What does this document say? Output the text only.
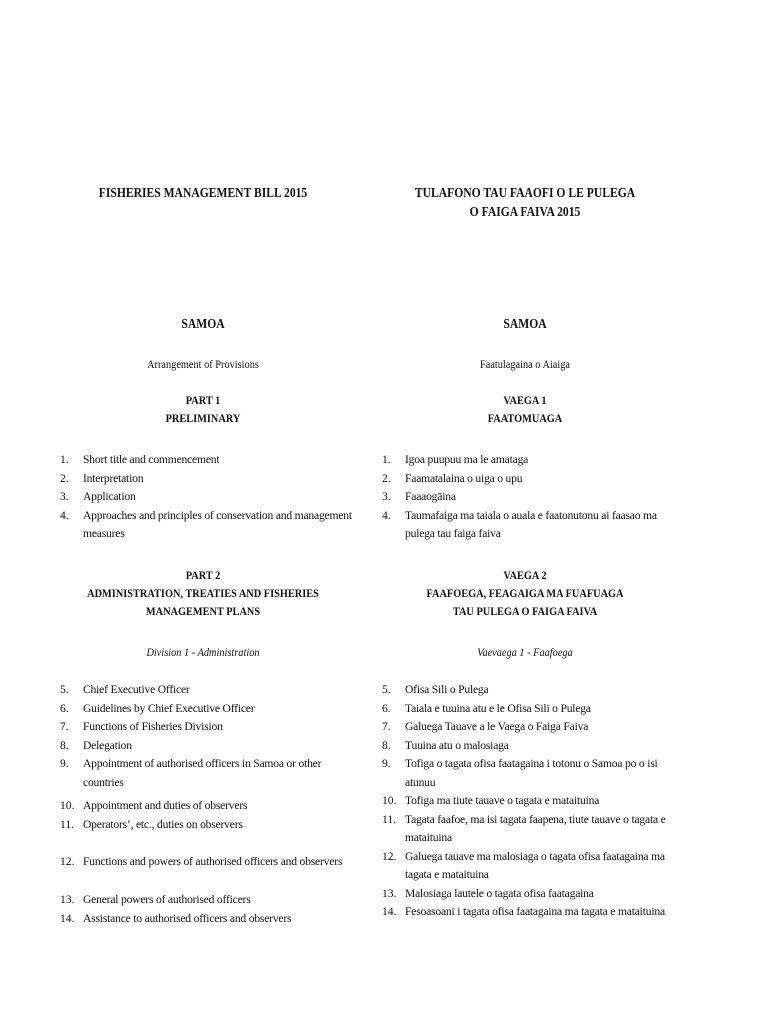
FISHERIES MANAGEMENT BILL 2015
SAMOA
Arrangement of Provisions
PART 1
PRELIMINARY
1.	Short title and commencement
2.	Interpretation
3.	Application
4.	Approaches and principles of conservation and management measures
PART 2
ADMINISTRATION, TREATIES AND FISHERIES
MANAGEMENT PLANS
Division 1 - Administration
5.	Chief Executive Officer
6.	Guidelines by Chief Executive Officer
7.	Functions of Fisheries Division
8.	Delegation
9.	Appointment of authorised officers in Samoa or other countries
10. Appointment and duties of observers
11. Operators’, etc., duties on observers
12. Functions and powers of authorised officers and observers
13. General powers of authorised officers
14. Assistance to authorised officers and observers
TULAFONO TAU FAAOFI O LE PULEGA
O FAIGA FAIVA 2015
SAMOA
Faatulagaina o Aiaiga
VAEGA 1
FAATOMUAGA
1.	Igoa puupuu ma le amataga
2.	Faamatalaina o uiga o upu
3.	Faaaogāina
4.	Taumafaiga ma taiala o auala e faatonutonu ai faasao ma pulega tau faiga faiva
VAEGA 2
FAAFOEGA, FEAGAIGA MA FUAFUAGA
TAU PULEGA O FAIGA FAIVA
Vaevaega 1 - Faafoega
5.	Ofisa Sili o Pulega
6.	Taiala e tuuina atu e le Ofisa Sili o Pulega
7.	Galuega Tauave a le Vaega o Faiga Faiva
8.	Tuuina atu o malosiaga
9.	Tofiga o tagata ofisa faatagaina i totonu o Samoa po o isi atunuu
10. Tofiga ma tiute tauave o tagata e mataituina
11. Tagata faafoe, ma isi tagata faapena, tiute tauave o tagata e mataituina
12. Galuega tauave ma malosiaga o tagata ofisa faatagaina ma tagata e mataituina
13. Malosiaga lautele o tagata ofisa faatagaina
14. Fesoasoani i tagata ofisa faatagaina ma tagata e mataituina
